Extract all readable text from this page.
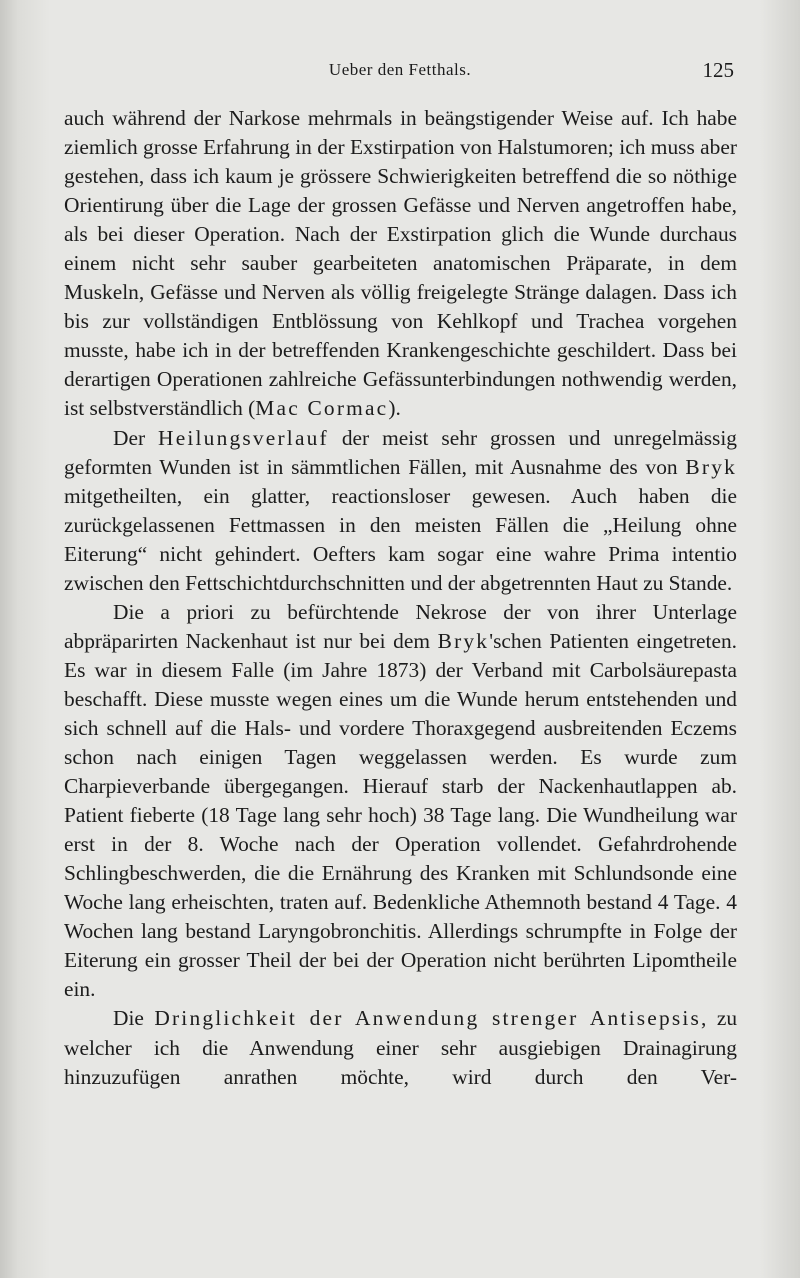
Ueber den Fetthals.	125

auch während der Narkose mehrmals in beängstigender Weise auf. Ich habe ziemlich grosse Erfahrung in der Exstirpation von Halstumoren; ich muss aber gestehen, dass ich kaum je grössere Schwierigkeiten betreffend die so nöthige Orientirung über die Lage der grossen Gefässe und Nerven angetroffen habe, als bei dieser Operation. Nach der Exstirpation glich die Wunde durchaus einem nicht sehr sauber gearbeiteten anatomischen Präparate, in dem Muskeln, Gefässe und Nerven als völlig freigelegte Stränge dalagen. Dass ich bis zur vollständigen Entblössung von Kehlkopf und Trachea vorgehen musste, habe ich in der betreffenden Krankengeschichte geschildert. Dass bei derartigen Operationen zahlreiche Gefässunterbindungen nothwendig werden, ist selbstverständlich (Mac Cormac).

Der Heilungsverlauf der meist sehr grossen und unregelmässig geformten Wunden ist in sämmtlichen Fällen, mit Ausnahme des von Bryk mitgetheilten, ein glatter, reactionsloser gewesen. Auch haben die zurückgelassenen Fettmassen in den meisten Fällen die „Heilung ohne Eiterung“ nicht gehindert. Oefters kam sogar eine wahre Prima intentio zwischen den Fettschichtdurchschnitten und der abgetrennten Haut zu Stande.

Die a priori zu befürchtende Nekrose der von ihrer Unterlage abpräparirten Nackenhaut ist nur bei dem Bryk'schen Patienten eingetreten. Es war in diesem Falle (im Jahre 1873) der Verband mit Carbolsäurepasta beschafft. Diese musste wegen eines um die Wunde herum entstehenden und sich schnell auf die Hals- und vordere Thoraxgegend ausbreitenden Eczems schon nach einigen Tagen weggelassen werden. Es wurde zum Charpieverbande übergegangen. Hierauf starb der Nackenhautlappen ab. Patient fieberte (18 Tage lang sehr hoch) 38 Tage lang. Die Wundheilung war erst in der 8. Woche nach der Operation vollendet. Gefahrdrohende Schlingbeschwerden, die die Ernährung des Kranken mit Schlundsonde eine Woche lang erheischten, traten auf. Bedenkliche Athemnoth bestand 4 Tage. 4 Wochen lang bestand Laryngobronchitis. Allerdings schrumpfte in Folge der Eiterung ein grosser Theil der bei der Operation nicht berührten Lipomtheile ein.

Die Dringlichkeit der Anwendung strenger Antisepsis, zu welcher ich die Anwendung einer sehr ausgiebigen Drainagirung hinzuzufügen anrathen möchte, wird durch den Ver-
